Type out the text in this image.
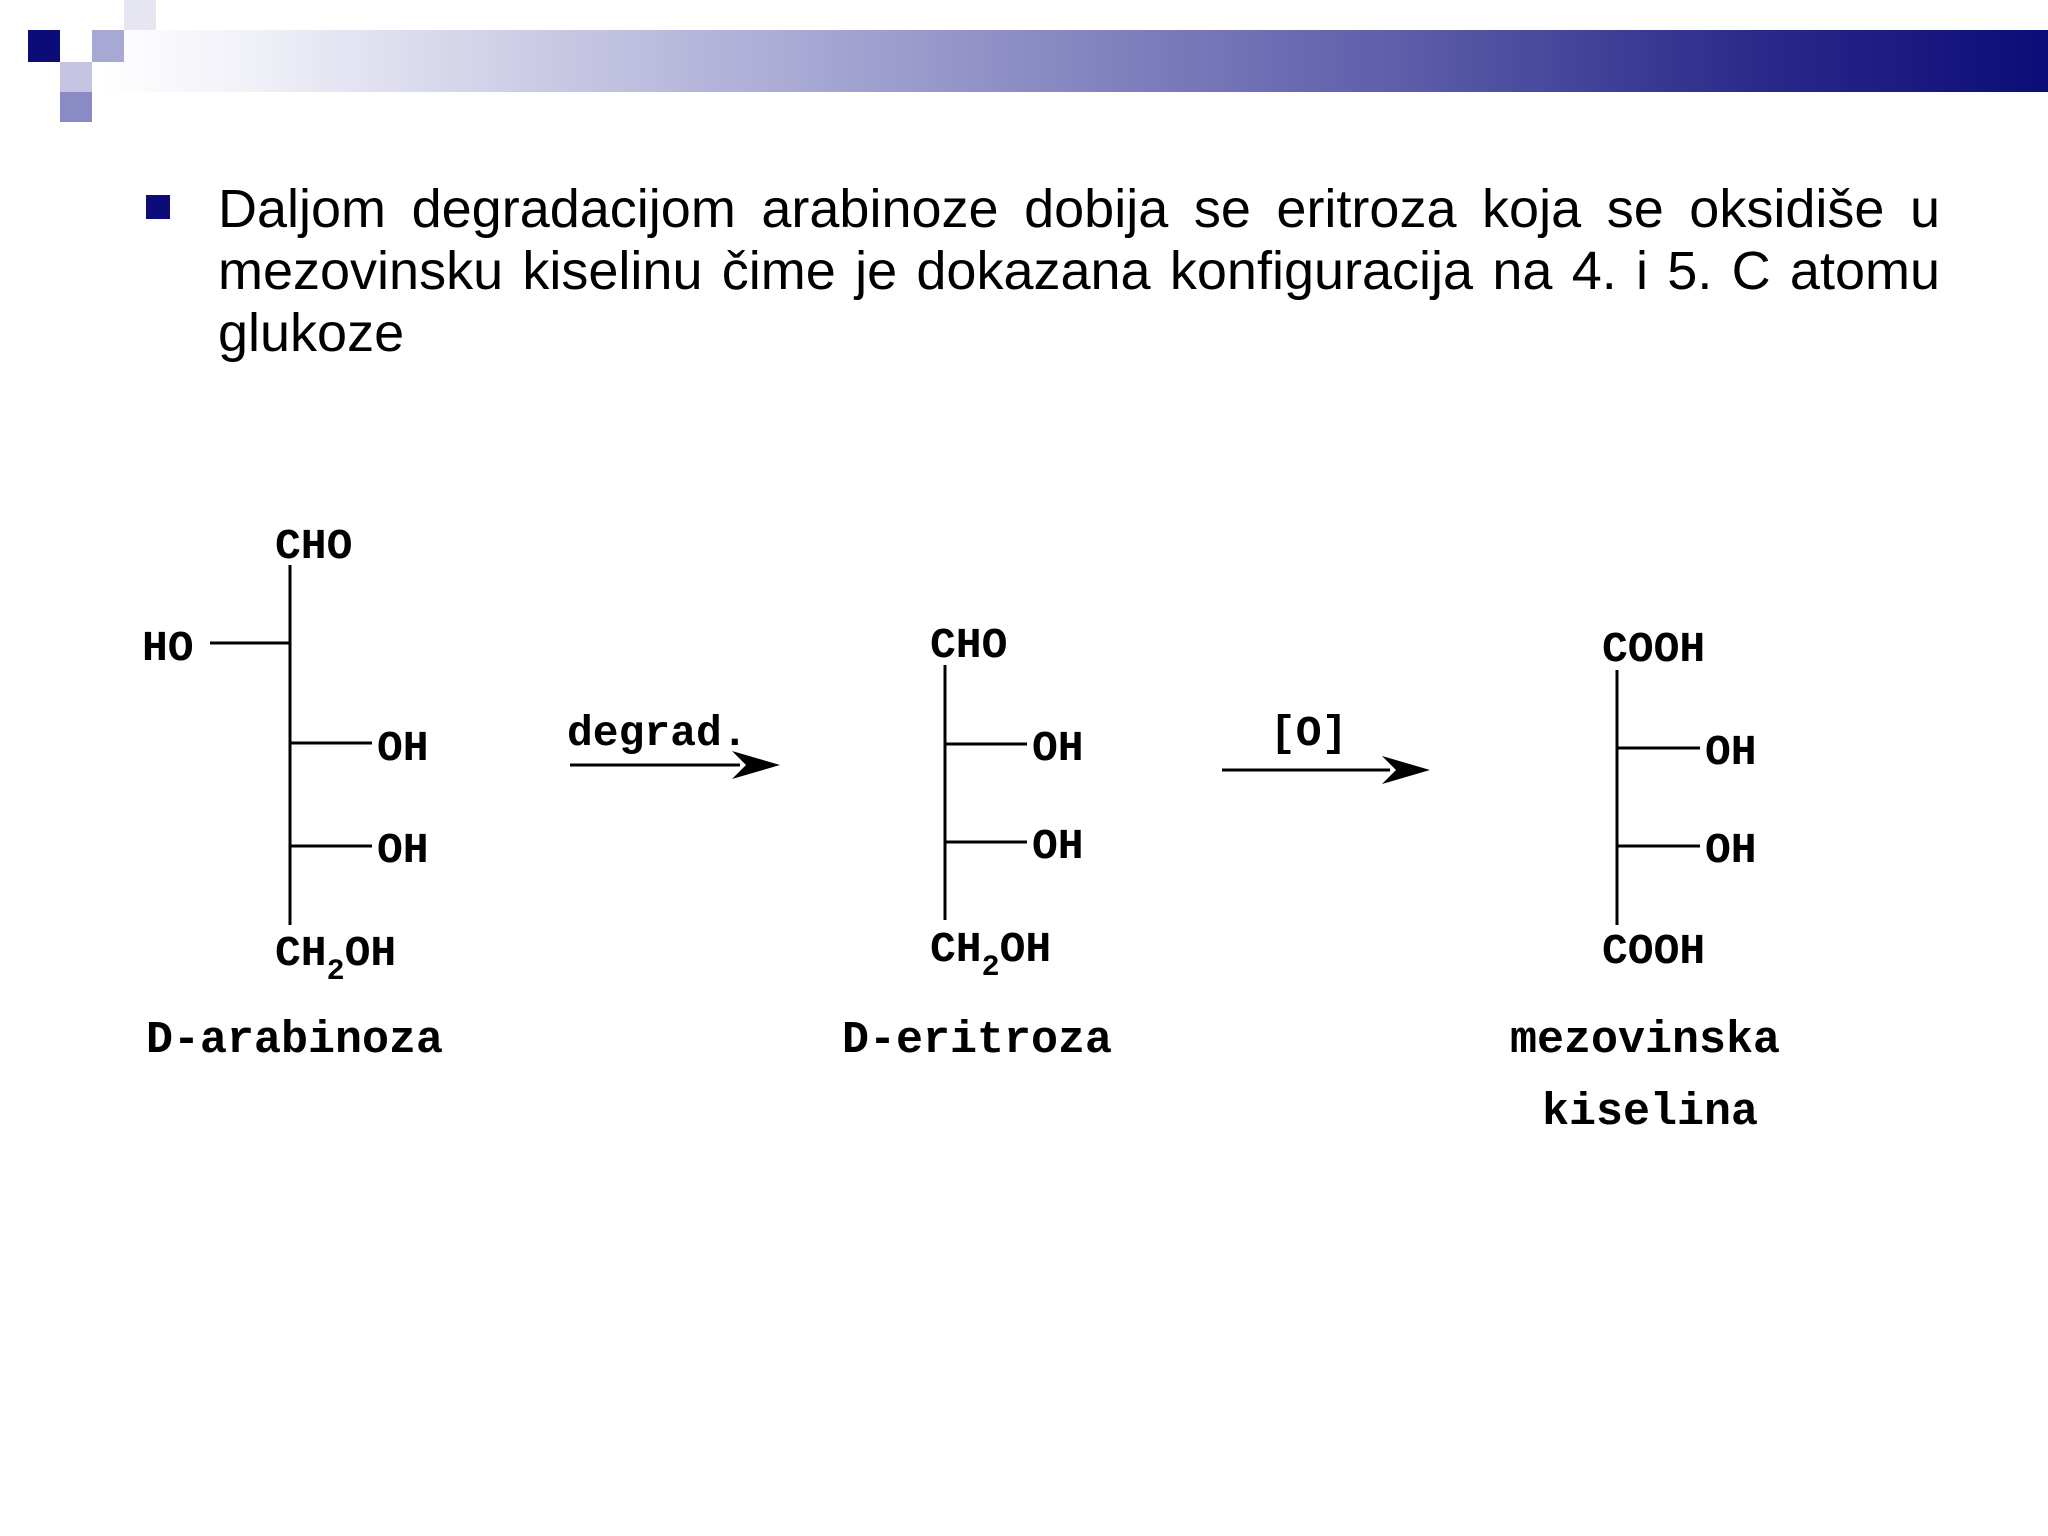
Daljom degradacijom arabinoze dobija se eritroza koja se oksidiše u mezovinsku kiselinu čime je dokazana konfiguracija na 4. i 5. C atomu glukoze
CHO
HO
OH
OH
CH2OH
D-arabinoza
degrad.
CHO
OH
OH
CH2OH
D-eritroza
[O]
COOH
OH
OH
COOH
mezovinska
kiselina
